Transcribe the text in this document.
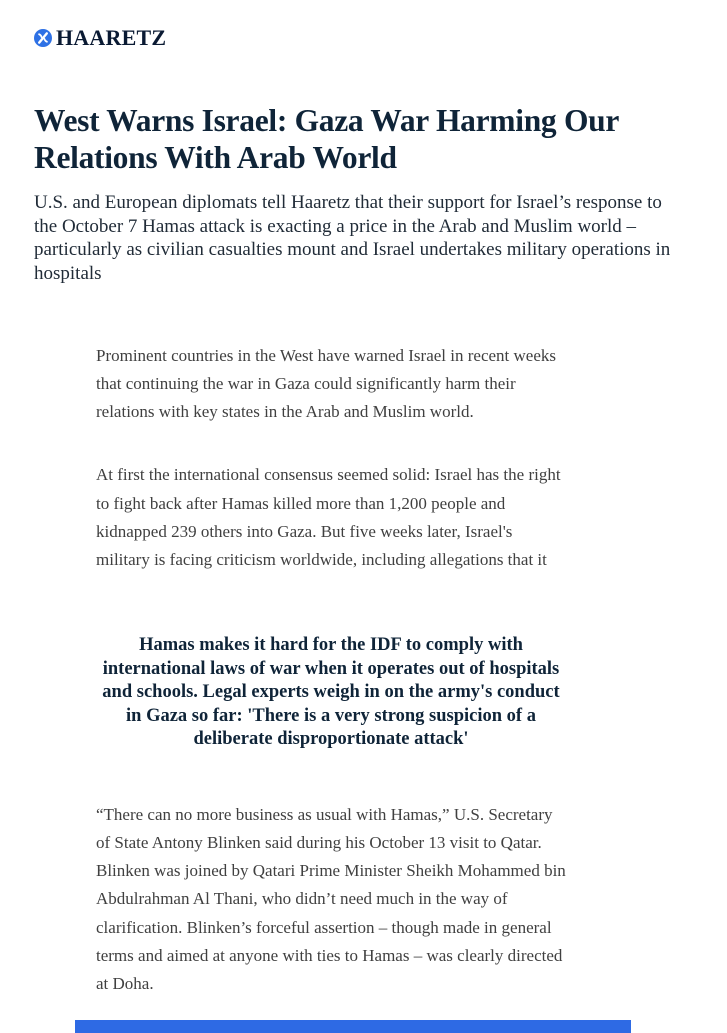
HAARETZ
West Warns Israel: Gaza War Harming Our Relations With Arab World

U.S. and European diplomats tell Haaretz that their support for Israel’s response to the October 7 Hamas attack is exacting a price in the Arab and Muslim world – particularly as civilian casualties mount and Israel undertakes military operations in hospitals

Prominent countries in the West have warned Israel in recent weeks that continuing the war in Gaza could significantly harm their relations with key states in the Arab and Muslim world.

At first the international consensus seemed solid: Israel has the right to fight back after Hamas killed more than 1,200 people and kidnapped 239 others into Gaza. But five weeks later, Israel's military is facing criticism worldwide, including allegations that it

Hamas makes it hard for the IDF to comply with international laws of war when it operates out of hospitals and schools. Legal experts weigh in on the army's conduct in Gaza so far: 'There is a very strong suspicion of a deliberate disproportionate attack'

“There can no more business as usual with Hamas,” U.S. Secretary of State Antony Blinken said during his October 13 visit to Qatar. Blinken was joined by Qatari Prime Minister Sheikh Mohammed bin Abdulrahman Al Thani, who didn’t need much in the way of clarification. Blinken’s forceful assertion – though made in general terms and aimed at anyone with ties to Hamas – was clearly directed at Doha.
